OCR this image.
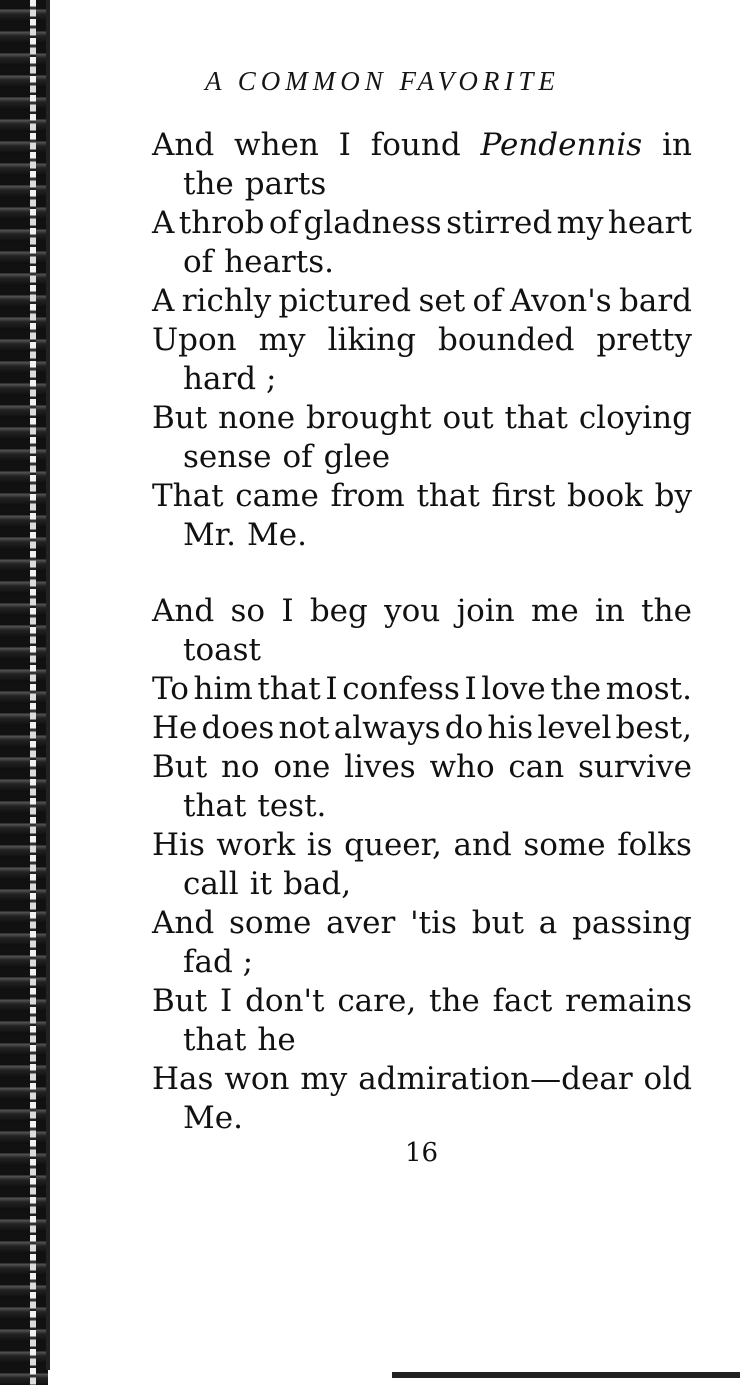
A COMMON FAVORITE
And when I found Pendennis in
the parts
A throb of gladness stirred my heart
of hearts.
A richly pictured set of Avon's bard
Upon my liking bounded pretty
hard ;
But none brought out that cloying
sense of glee
That came from that first book by
Mr. Me.
And so I beg you join me in the
toast
To him that I confess I love the most.
He does not always do his level best,
But no one lives who can survive
that test.
His work is queer, and some folks
call it bad,
And some aver 'tis but a passing
fad ;
But I don't care, the fact remains
that he
Has won my admiration—dear old
Me.
16
